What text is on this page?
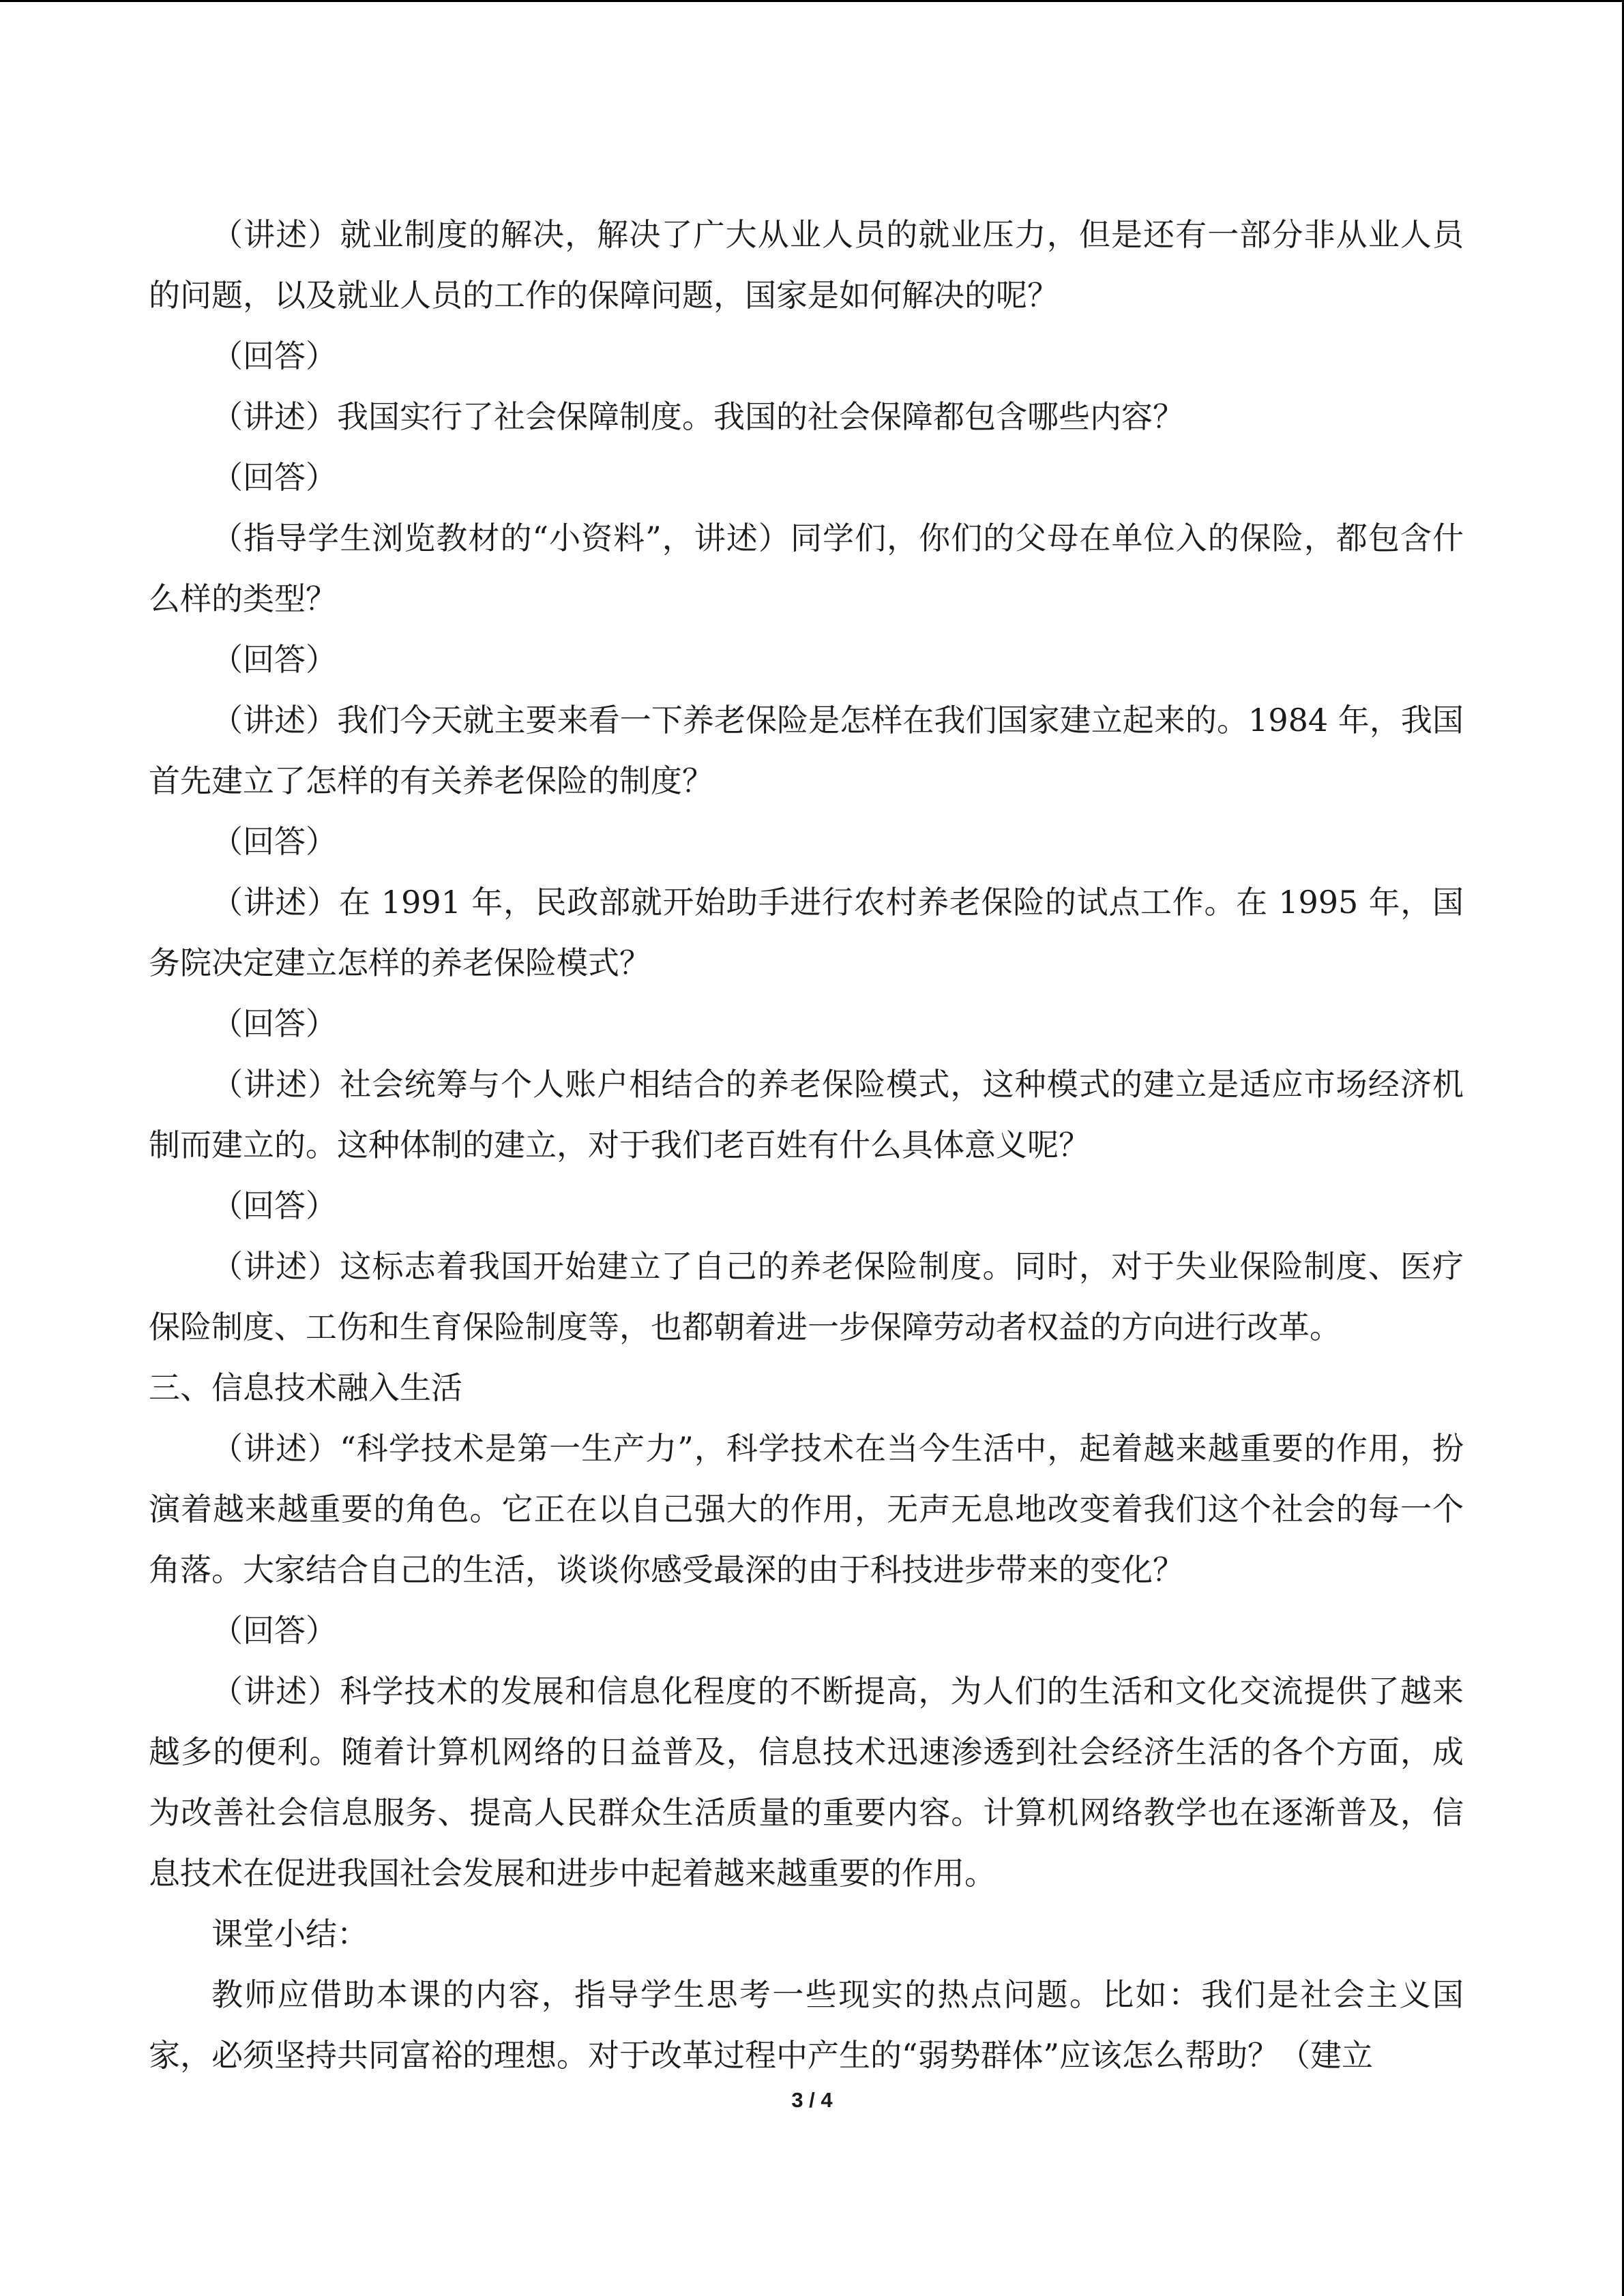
（讲述）就业制度的解决，解决了广大从业人员的就业压力，但是还有一部分非从业人员的问题，以及就业人员的工作的保障问题，国家是如何解决的呢？

（回答）

（讲述）我国实行了社会保障制度。我国的社会保障都包含哪些内容？

（回答）

（指导学生浏览教材的“小资料”，讲述）同学们，你们的父母在单位入的保险，都包含什么样的类型？

（回答）

（讲述）我们今天就主要来看一下养老保险是怎样在我们国家建立起来的。1984 年，我国首先建立了怎样的有关养老保险的制度？

（回答）

（讲述）在 1991 年，民政部就开始助手进行农村养老保险的试点工作。在 1995 年，国务院决定建立怎样的养老保险模式？

（回答）

（讲述）社会统筹与个人账户相结合的养老保险模式，这种模式的建立是适应市场经济机制而建立的。这种体制的建立，对于我们老百姓有什么具体意义呢？

（回答）

（讲述）这标志着我国开始建立了自己的养老保险制度。同时，对于失业保险制度、医疗保险制度、工伤和生育保险制度等，也都朝着进一步保障劳动者权益的方向进行改革。

三、信息技术融入生活

（讲述）“科学技术是第一生产力”，科学技术在当今生活中，起着越来越重要的作用，扮演着越来越重要的角色。它正在以自己强大的作用，无声无息地改变着我们这个社会的每一个角落。大家结合自己的生活，谈谈你感受最深的由于科技进步带来的变化？

（回答）

（讲述）科学技术的发展和信息化程度的不断提高，为人们的生活和文化交流提供了越来越多的便利。随着计算机网络的日益普及，信息技术迅速渗透到社会经济生活的各个方面，成为改善社会信息服务、提高人民群众生活质量的重要内容。计算机网络教学也在逐渐普及，信息技术在促进我国社会发展和进步中起着越来越重要的作用。

课堂小结：

教师应借助本课的内容，指导学生思考一些现实的热点问题。比如：我们是社会主义国家，必须坚持共同富裕的理想。对于改革过程中产生的“弱势群体”应该怎么帮助？（建立

3 / 4
